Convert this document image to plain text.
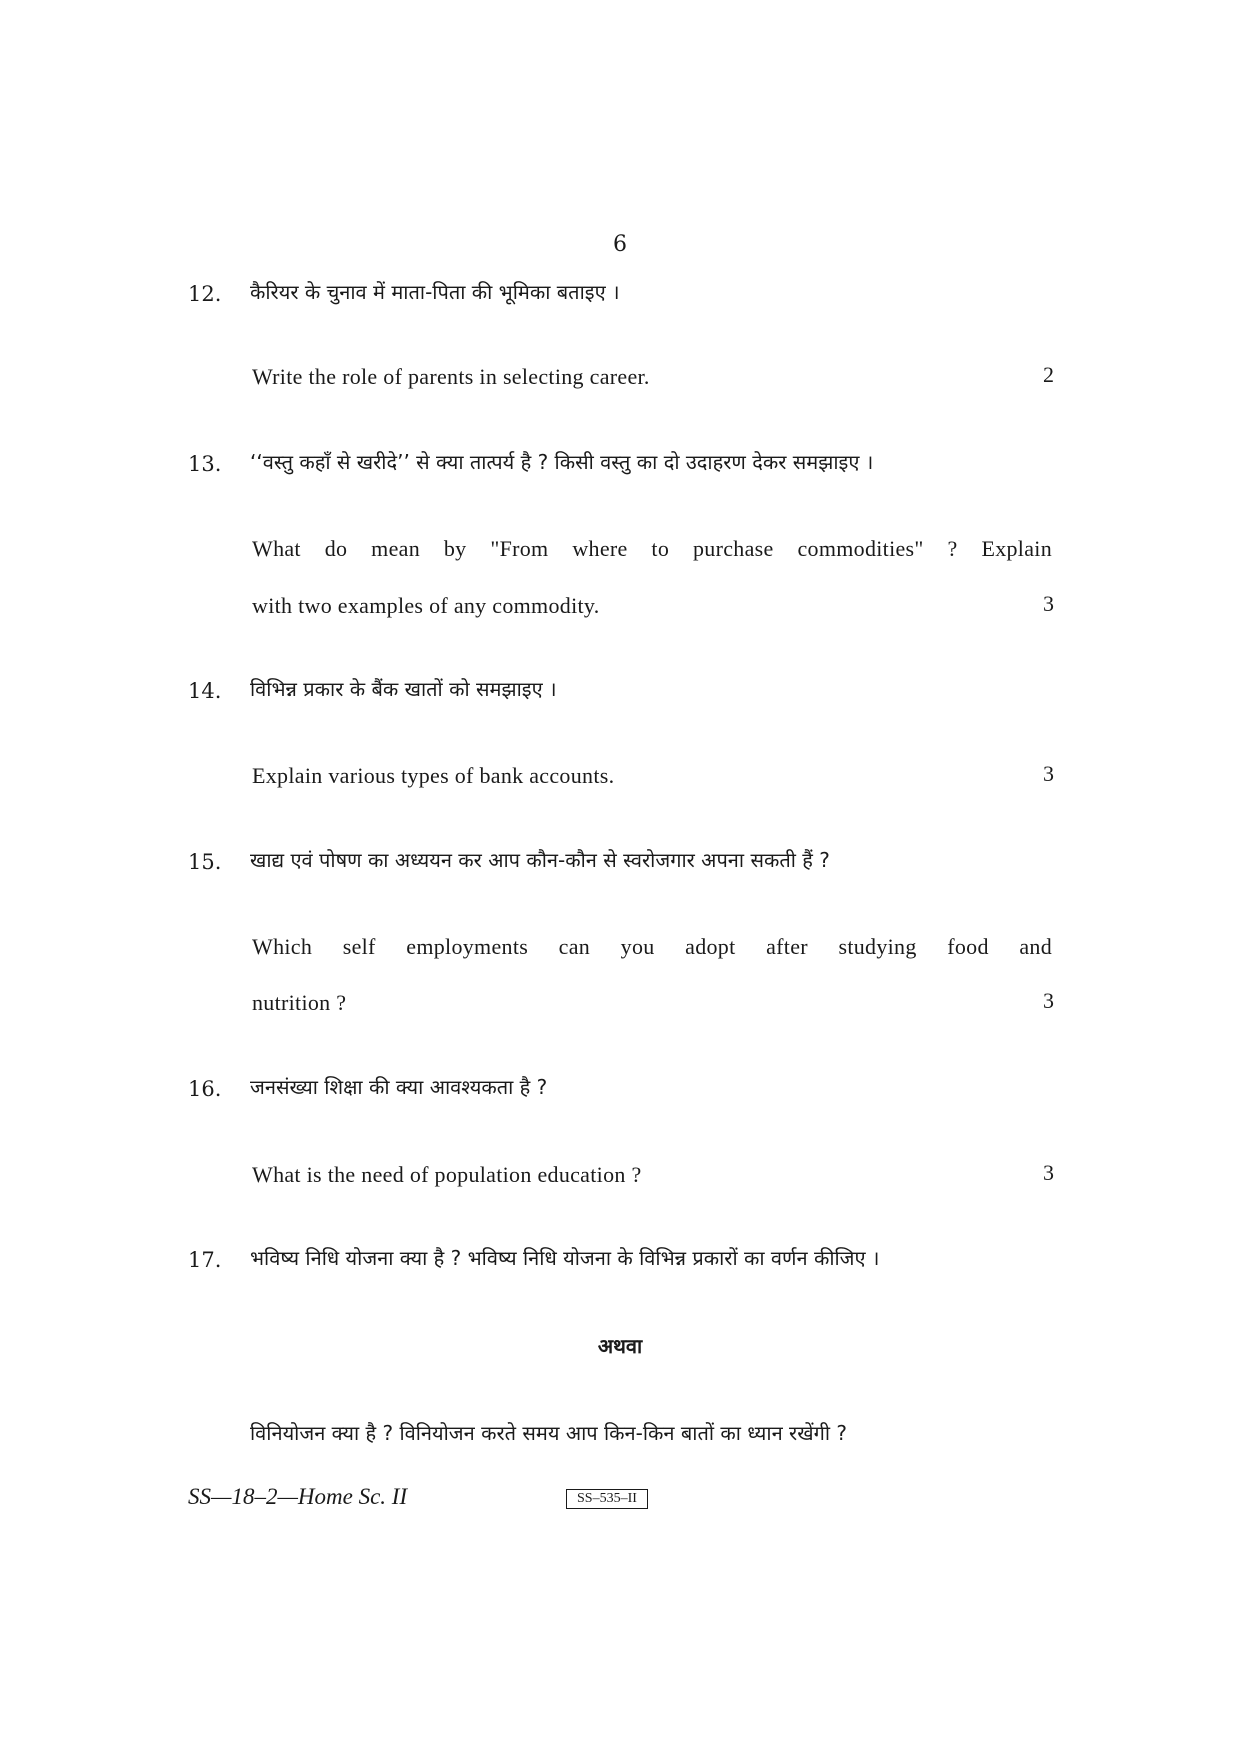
6
12.	कैरियर के चुनाव में माता-पिता की भूमिका बताइए ।
Write the role of parents in selecting career.	2
13.	‘‘वस्तु कहाँ से खरीदे’’ से क्या तात्पर्य है ? किसी वस्तु का दो उदाहरण देकर समझाइए ।
What do mean by "From where to purchase commodities" ? Explain
with two examples of any commodity.	3
14.	विभिन्न प्रकार के बैंक खातों को समझाइए ।
Explain various types of bank accounts.	3
15.	खाद्य एवं पोषण का अध्ययन कर आप कौन-कौन से स्वरोजगार अपना सकती हैं ?
Which self employments can you adopt after studying food and
nutrition ?	3
16.	जनसंख्या शिक्षा की क्या आवश्यकता है ?
What is the need of population education ?	3
17.	भविष्य निधि योजना क्या है ? भविष्य निधि योजना के विभिन्न प्रकारों का वर्णन कीजिए ।
अथवा
विनियोजन क्या है ? विनियोजन करते समय आप किन-किन बातों का ध्यान रखेंगी ?
SS—18–2—Home Sc. II	SS–535–II
